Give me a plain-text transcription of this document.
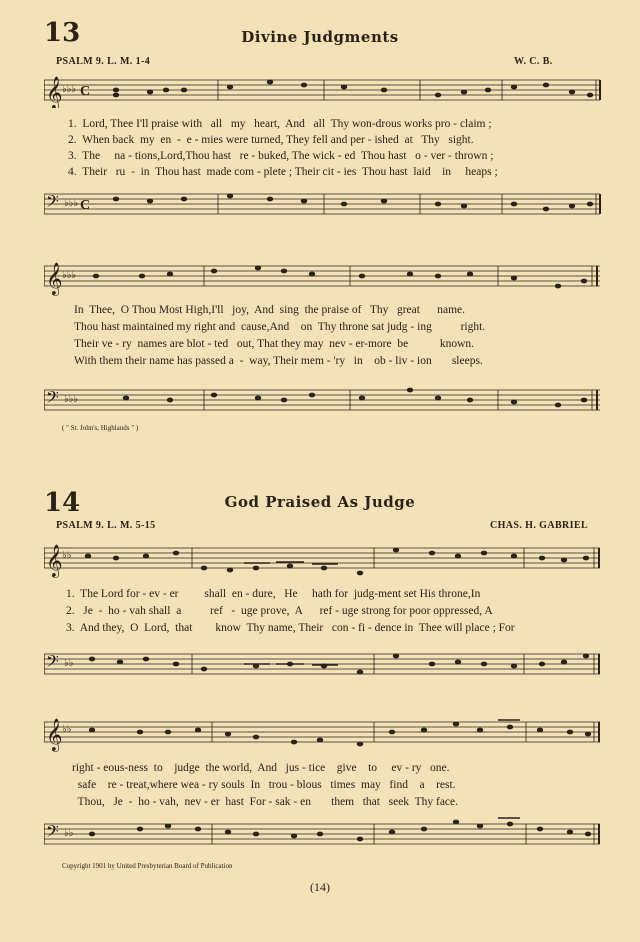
13	Divine Judgments
PSALM 9. L. M. 1-4	W. C. B.
𝄞 ♭♭♭ C
1.  Lord, Thee I'll praise with   all   my   heart,  And   all  Thy won-drous works pro - claim ;
2.  When back  my  en  -  e - mies were turned, They fell and per - ished  at   Thy   sight.
3.  The     na - tions,Lord,Thou hast   re - buked, The wick - ed  Thou hast   o - ver - thrown ;
4.  Their   ru  -  in  Thou hast  made com - plete ; Their cit - ies  Thou hast  laid    in     heaps ;
𝄢 ♭♭♭ C
𝄞 ♭♭♭
In  Thee,  O Thou Most High,I'll   joy,  And  sing  the praise of   Thy   great      name.
Thou hast maintained my right and  cause,And    on  Thy throne sat judg - ing          right.
Their ve - ry  names are blot - ted   out, That they may  nev - er-more  be           known.
With them their name has passed a  -  way, Their mem - 'ry   in    ob - liv - ion       sleeps.
𝄢 ♭♭♭
( " St. John's, Highlands " )
14	God Praised As Judge
PSALM 9. L. M. 5-15	CHAS. H. GABRIEL
𝄞 ♭♭
1.  The Lord for - ev - er         shall  en - dure,   He     hath for  judg-ment set His throne,In
2.   Je  -  ho - vah shall  a          ref   -  uge prove,  A      ref - uge strong for poor oppressed, A
3.  And they,  O  Lord,  that        know  Thy name, Their   con - fi - dence in  Thee will place ; For
𝄢 ♭♭
𝄞 ♭♭
right - eous-ness  to    judge  the world,  And   jus - tice    give    to     ev - ry   one.
safe    re - treat,where wea - ry souls  In   trou - blous   times  may   find    a    rest.
Thou,   Je  -  ho - vah,  nev - er  hast  For - sak - en       them   that   seek  Thy face.
𝄢 ♭♭
Copyright 1901 by United Presbyterian Board of Publication
(14)
